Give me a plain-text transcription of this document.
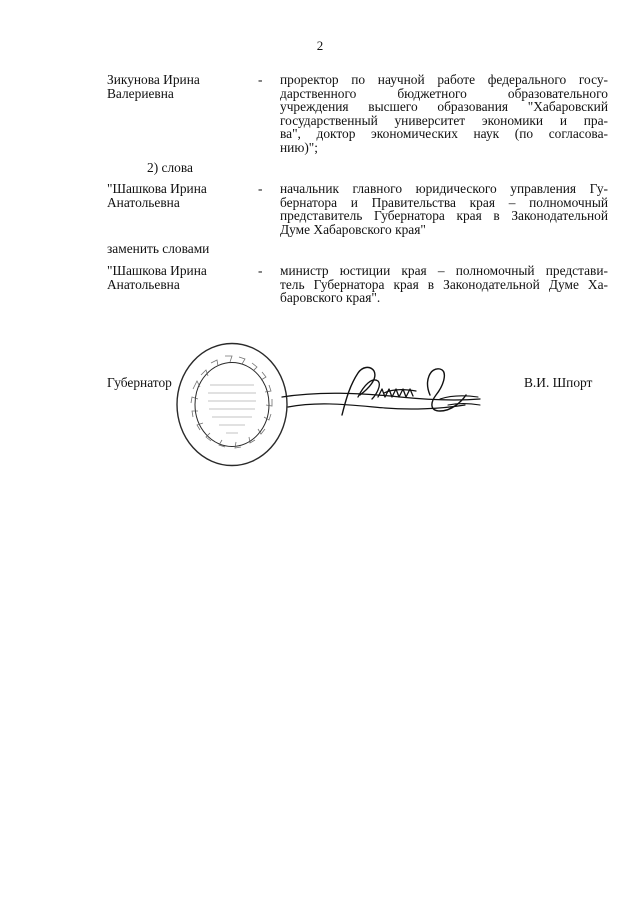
2
Зикунова Ирина
Валериевна
- проректор по научной работе федерального госу-
дарственного бюджетного образовательного
учреждения высшего образования "Хабаровский
государственный университет экономики и пра-
ва", доктор экономических наук (по согласова-
нию)";
2) слова
"Шашкова Ирина
Анатольевна
- начальник главного юридического управления Гу-
бернатора и Правительства края – полномочный
представитель Губернатора края в Законодательной
Думе Хабаровского края"
заменить словами
"Шашкова Ирина
Анатольевна
- министр юстиции края – полномочный представи-
тель Губернатора края в Законодательной Думе Ха-
баровского края".
Губернатор	В.И. Шпорт
